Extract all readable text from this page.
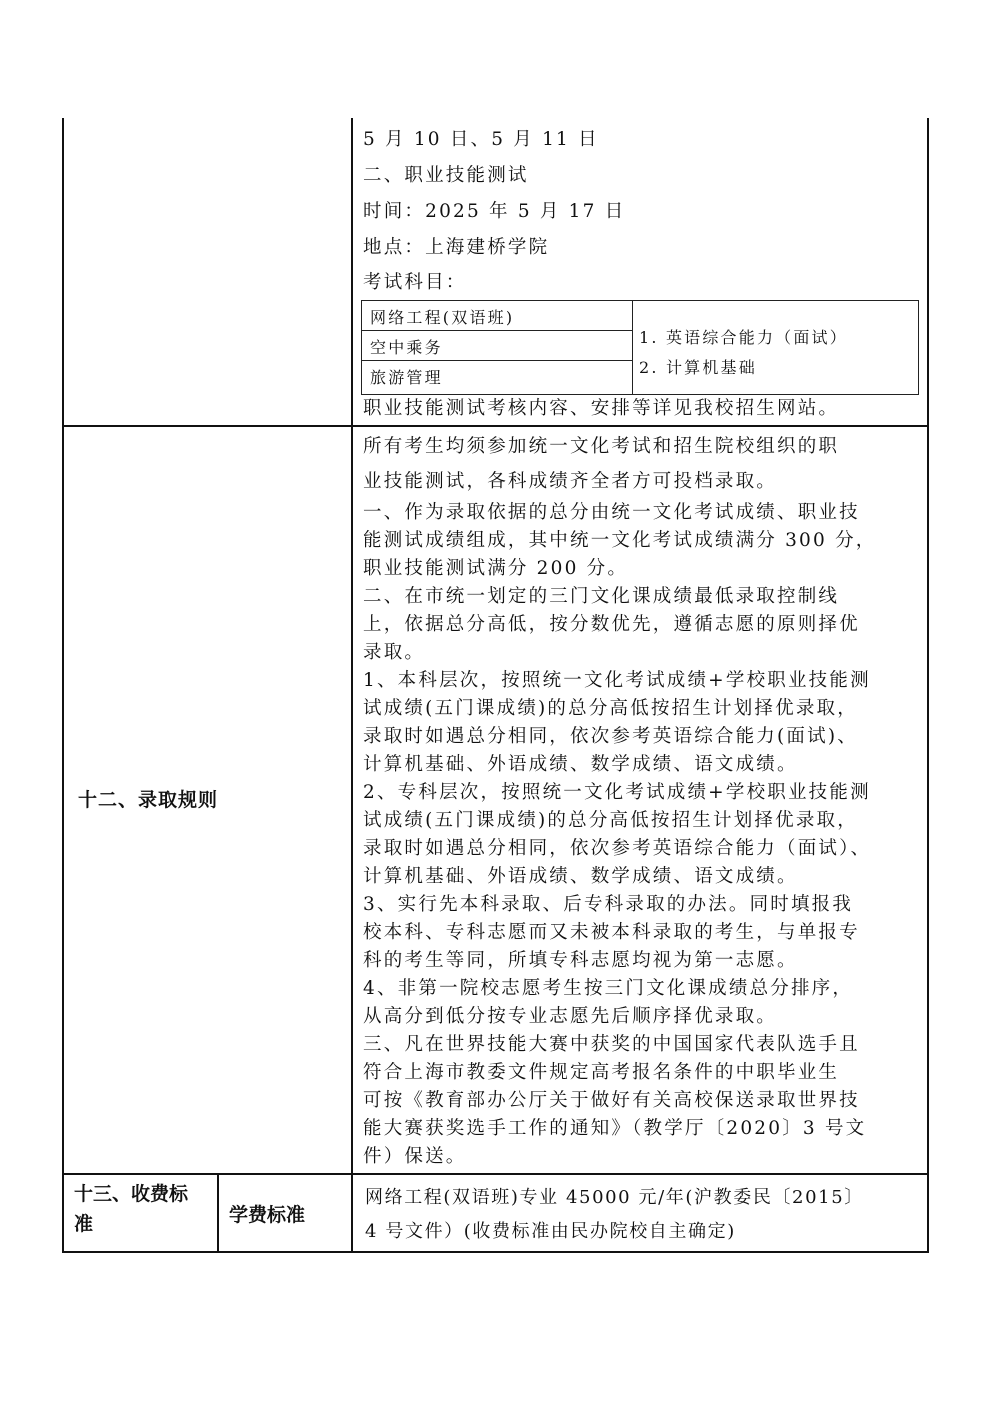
5 月 10 日、5 月 11 日
二、职业技能测试
时间：2025 年 5 月 17 日
地点：上海建桥学院
考试科目：
网络工程(双语班)
空中乘务
旅游管理
1. 英语综合能力（面试）
2. 计算机基础
职业技能测试考核内容、安排等详见我校招生网站。
十二、录取规则
所有考生均须参加统一文化考试和招生院校组织的职
业技能测试，各科成绩齐全者方可投档录取。
一、作为录取依据的总分由统一文化考试成绩、职业技
能测试成绩组成，其中统一文化考试成绩满分 300 分，
职业技能测试满分 200 分。
二、在市统一划定的三门文化课成绩最低录取控制线
上，依据总分高低，按分数优先，遵循志愿的原则择优
录取。
1、本科层次，按照统一文化考试成绩+学校职业技能测
试成绩(五门课成绩)的总分高低按招生计划择优录取，
录取时如遇总分相同，依次参考英语综合能力(面试)、
计算机基础、外语成绩、数学成绩、语文成绩。
2、专科层次，按照统一文化考试成绩+学校职业技能测
试成绩(五门课成绩)的总分高低按招生计划择优录取，
录取时如遇总分相同，依次参考英语综合能力（面试）、
计算机基础、外语成绩、数学成绩、语文成绩。
3、实行先本科录取、后专科录取的办法。同时填报我
校本科、专科志愿而又未被本科录取的考生，与单报专
科的考生等同，所填专科志愿均视为第一志愿。
4、非第一院校志愿考生按三门文化课成绩总分排序，
从高分到低分按专业志愿先后顺序择优录取。
三、凡在世界技能大赛中获奖的中国国家代表队选手且
符合上海市教委文件规定高考报名条件的中职毕业生
可按《教育部办公厅关于做好有关高校保送录取世界技
能大赛获奖选手工作的通知》（教学厅〔2020〕3 号文
件）保送。
十三、收费标
准	学费标准
网络工程(双语班)专业 45000 元/年(沪教委民〔2015〕
4 号文件）(收费标准由民办院校自主确定)
